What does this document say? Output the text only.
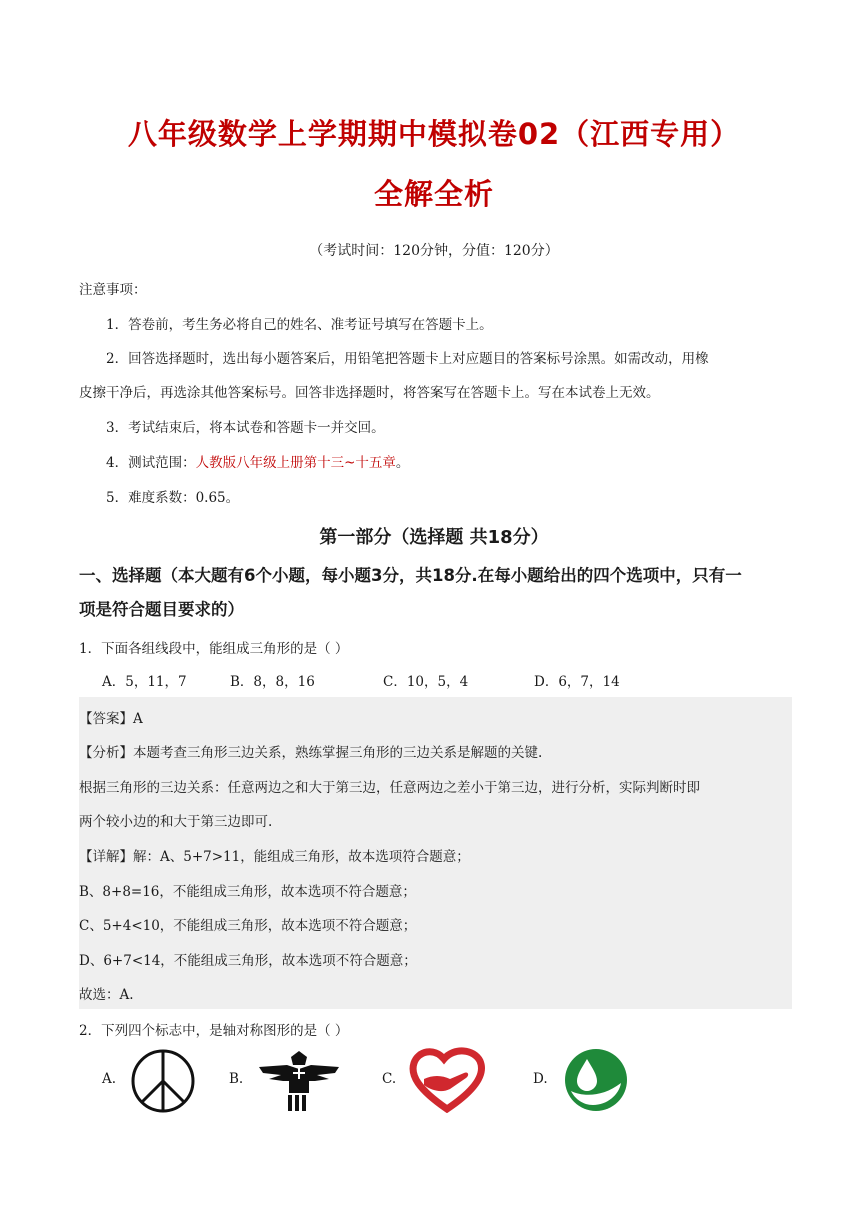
八年级数学上学期期中模拟卷02（江西专用）
全解全析
（考试时间：120分钟，分值：120分）
注意事项：
1．答卷前，考生务必将自己的姓名、准考证号填写在答题卡上。
2．回答选择题时，选出每小题答案后，用铅笔把答题卡上对应题目的答案标号涂黑。如需改动，用橡
皮擦干净后，再选涂其他答案标号。回答非选择题时，将答案写在答题卡上。写在本试卷上无效。
3．考试结束后，将本试卷和答题卡一并交回。
4．测试范围：人教版八年级上册第十三~十五章。
5．难度系数：0.65。
第一部分（选择题 共18分）
一、选择题（本大题有6个小题，每小题3分，共18分.在每小题给出的四个选项中，只有一
项是符合题目要求的）
1．下面各组线段中，能组成三角形的是（ ）
A．5，11，7	B．8，8，16	C．10，5，4	D．6，7，14
【答案】A
【分析】本题考查三角形三边关系，熟练掌握三角形的三边关系是解题的关键.
根据三角形的三边关系：任意两边之和大于第三边，任意两边之差小于第三边，进行分析，实际判断时即
两个较小边的和大于第三边即可.
【详解】解：A、5+7>11，能组成三角形，故本选项符合题意；
B、8+8=16，不能组成三角形，故本选项不符合题意；
C、5+4<10，不能组成三角形，故本选项不符合题意；
D、6+7<14，不能组成三角形，故本选项不符合题意；
故选：A.
2．下列四个标志中，是轴对称图形的是（ ）
A.	B.	C.	D.
